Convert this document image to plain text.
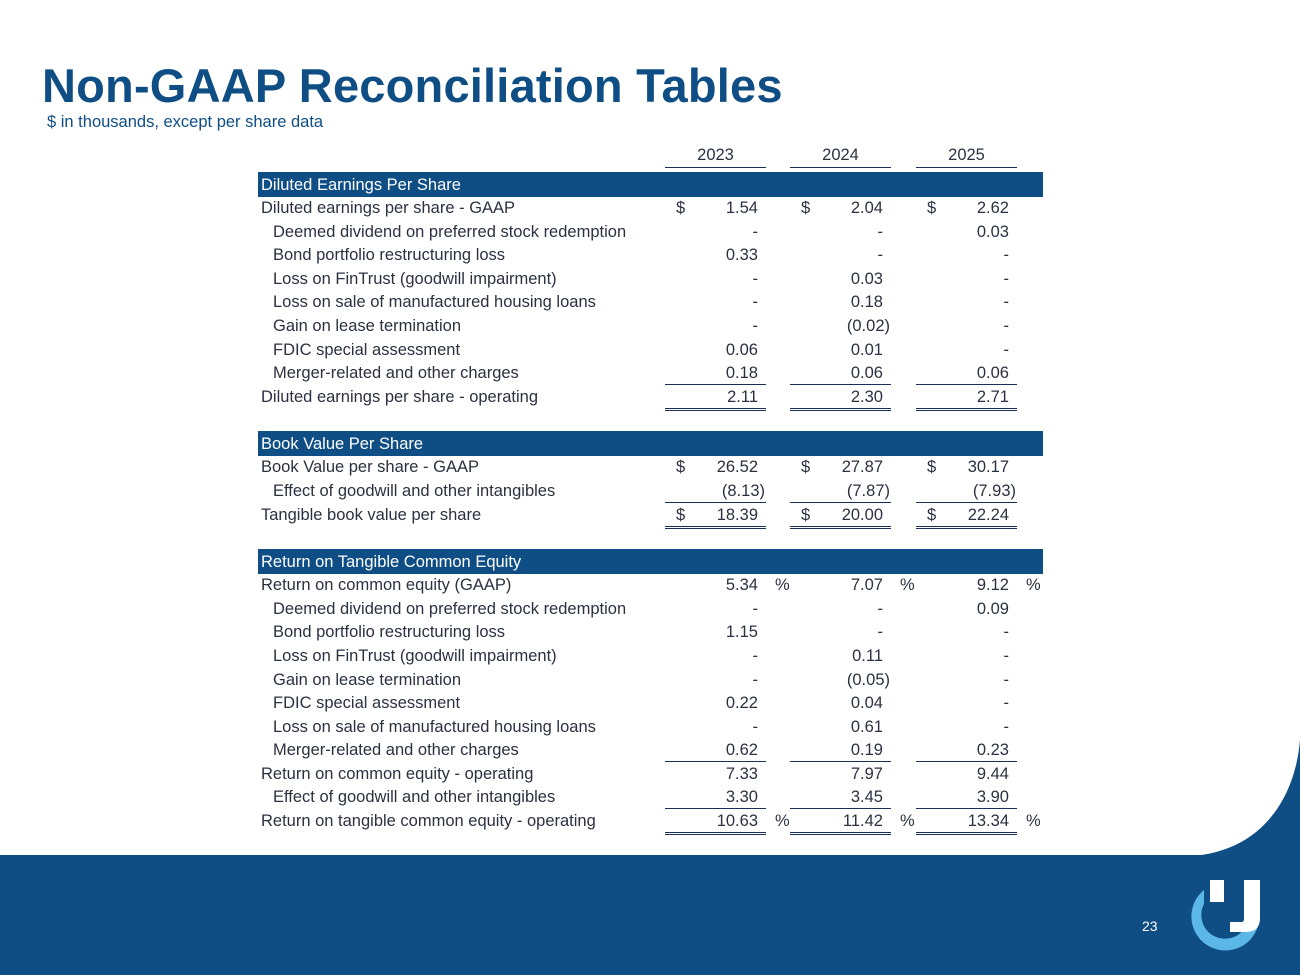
Non-GAAP Reconciliation Tables
$ in thousands, except per share data
2023	2024	2025
Diluted Earnings Per Share
Diluted earnings per share - GAAP	$ 1.54	$ 2.04	$ 2.62
Deemed dividend on preferred stock redemption	-	-	0.03
Bond portfolio restructuring loss	0.33	-	-
Loss on FinTrust (goodwill impairment)	-	0.03	-
Loss on sale of manufactured housing loans	-	0.18	-
Gain on lease termination	-	(0.02)	-
FDIC special assessment	0.06	0.01	-
Merger-related and other charges	0.18	0.06	0.06
Diluted earnings per share - operating	2.11	2.30	2.71
Book Value Per Share
Book Value per share - GAAP	$ 26.52	$ 27.87	$ 30.17
Effect of goodwill and other intangibles	(8.13)	(7.87)	(7.93)
Tangible book value per share	$ 18.39	$ 20.00	$ 22.24
Return on Tangible Common Equity
Return on common equity (GAAP)	5.34 %	7.07 %	9.12 %
Deemed dividend on preferred stock redemption	-	-	0.09
Bond portfolio restructuring loss	1.15	-	-
Loss on FinTrust (goodwill impairment)	-	0.11	-
Gain on lease termination	-	(0.05)	-
FDIC special assessment	0.22	0.04	-
Loss on sale of manufactured housing loans	-	0.61	-
Merger-related and other charges	0.62	0.19	0.23
Return on common equity - operating	7.33	7.97	9.44
Effect of goodwill and other intangibles	3.30	3.45	3.90
Return on tangible common equity - operating	10.63 %	11.42 %	13.34 %
23
